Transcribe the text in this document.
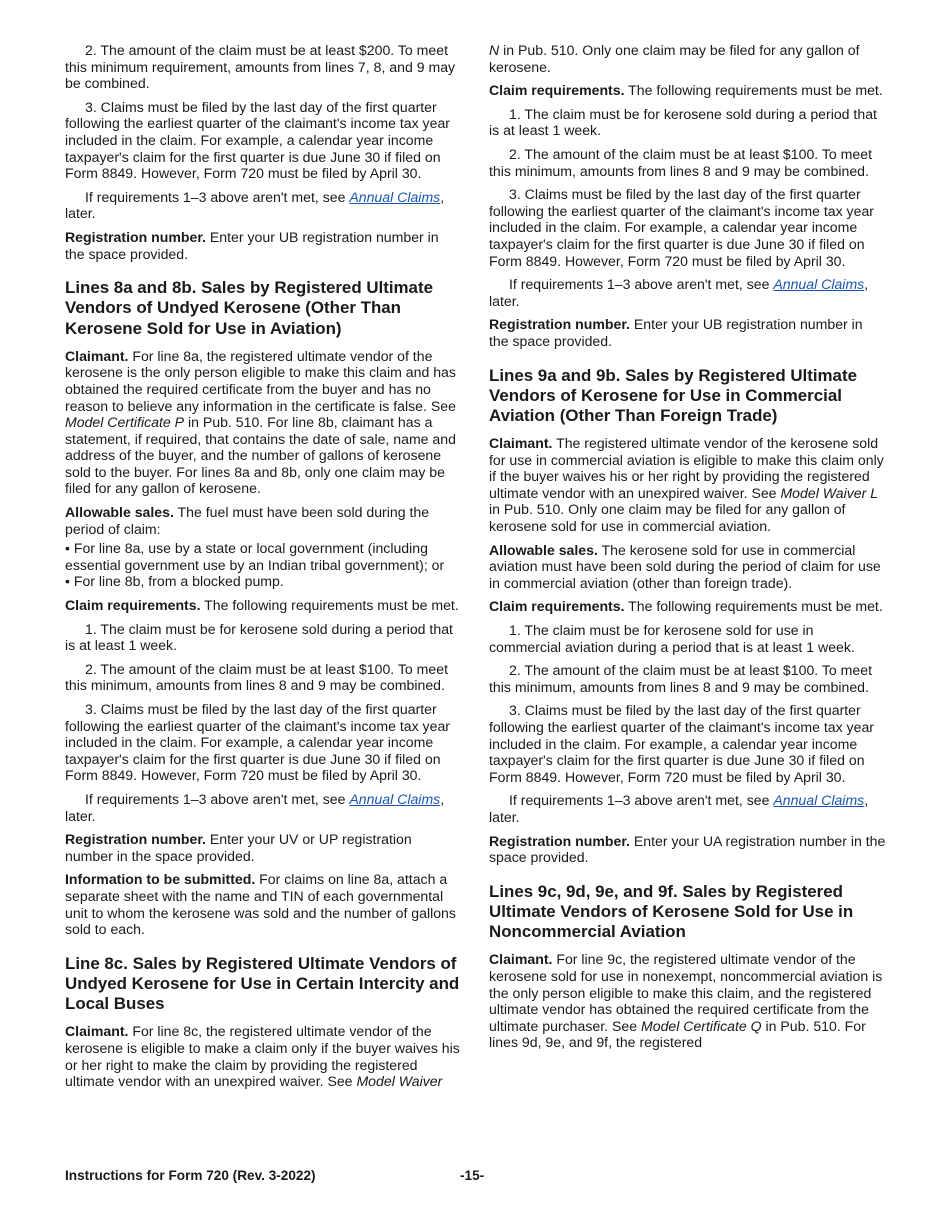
2. The amount of the claim must be at least $200. To meet this minimum requirement, amounts from lines 7, 8, and 9 may be combined.

3. Claims must be filed by the last day of the first quarter following the earliest quarter of the claimant's income tax year included in the claim. For example, a calendar year income taxpayer's claim for the first quarter is due June 30 if filed on Form 8849. However, Form 720 must be filed by April 30.

If requirements 1–3 above aren't met, see Annual Claims, later.

Registration number. Enter your UB registration number in the space provided.

Lines 8a and 8b. Sales by Registered Ultimate Vendors of Undyed Kerosene (Other Than Kerosene Sold for Use in Aviation)

Claimant. For line 8a, the registered ultimate vendor of the kerosene is the only person eligible to make this claim and has obtained the required certificate from the buyer and has no reason to believe any information in the certificate is false. See Model Certificate P in Pub. 510. For line 8b, claimant has a statement, if required, that contains the date of sale, name and address of the buyer, and the number of gallons of kerosene sold to the buyer. For lines 8a and 8b, only one claim may be filed for any gallon of kerosene.

Allowable sales. The fuel must have been sold during the period of claim:

• For line 8a, use by a state or local government (including essential government use by an Indian tribal government); or
• For line 8b, from a blocked pump.

Claim requirements. The following requirements must be met.

1. The claim must be for kerosene sold during a period that is at least 1 week.

2. The amount of the claim must be at least $100. To meet this minimum, amounts from lines 8 and 9 may be combined.

3. Claims must be filed by the last day of the first quarter following the earliest quarter of the claimant's income tax year included in the claim. For example, a calendar year income taxpayer's claim for the first quarter is due June 30 if filed on Form 8849. However, Form 720 must be filed by April 30.

If requirements 1–3 above aren't met, see Annual Claims, later.

Registration number. Enter your UV or UP registration number in the space provided.

Information to be submitted. For claims on line 8a, attach a separate sheet with the name and TIN of each governmental unit to whom the kerosene was sold and the number of gallons sold to each.

Line 8c. Sales by Registered Ultimate Vendors of Undyed Kerosene for Use in Certain Intercity and Local Buses

Claimant. For line 8c, the registered ultimate vendor of the kerosene is eligible to make a claim only if the buyer waives his or her right to make the claim by providing the registered ultimate vendor with an unexpired waiver. See Model Waiver

N in Pub. 510. Only one claim may be filed for any gallon of kerosene.

Claim requirements. The following requirements must be met.

1. The claim must be for kerosene sold during a period that is at least 1 week.

2. The amount of the claim must be at least $100. To meet this minimum, amounts from lines 8 and 9 may be combined.

3. Claims must be filed by the last day of the first quarter following the earliest quarter of the claimant's income tax year included in the claim. For example, a calendar year income taxpayer's claim for the first quarter is due June 30 if filed on Form 8849. However, Form 720 must be filed by April 30.

If requirements 1–3 above aren't met, see Annual Claims, later.

Registration number. Enter your UB registration number in the space provided.

Lines 9a and 9b. Sales by Registered Ultimate Vendors of Kerosene for Use in Commercial Aviation (Other Than Foreign Trade)

Claimant. The registered ultimate vendor of the kerosene sold for use in commercial aviation is eligible to make this claim only if the buyer waives his or her right by providing the registered ultimate vendor with an unexpired waiver. See Model Waiver L in Pub. 510. Only one claim may be filed for any gallon of kerosene sold for use in commercial aviation.

Allowable sales. The kerosene sold for use in commercial aviation must have been sold during the period of claim for use in commercial aviation (other than foreign trade).

Claim requirements. The following requirements must be met.

1. The claim must be for kerosene sold for use in commercial aviation during a period that is at least 1 week.

2. The amount of the claim must be at least $100. To meet this minimum, amounts from lines 8 and 9 may be combined.

3. Claims must be filed by the last day of the first quarter following the earliest quarter of the claimant's income tax year included in the claim. For example, a calendar year income taxpayer's claim for the first quarter is due June 30 if filed on Form 8849. However, Form 720 must be filed by April 30.

If requirements 1–3 above aren't met, see Annual Claims, later.

Registration number. Enter your UA registration number in the space provided.

Lines 9c, 9d, 9e, and 9f. Sales by Registered Ultimate Vendors of Kerosene Sold for Use in Noncommercial Aviation

Claimant. For line 9c, the registered ultimate vendor of the kerosene sold for use in nonexempt, noncommercial aviation is the only person eligible to make this claim, and the registered ultimate vendor has obtained the required certificate from the ultimate purchaser. See Model Certificate Q in Pub. 510. For lines 9d, 9e, and 9f, the registered

Instructions for Form 720 (Rev. 3-2022)	-15-
